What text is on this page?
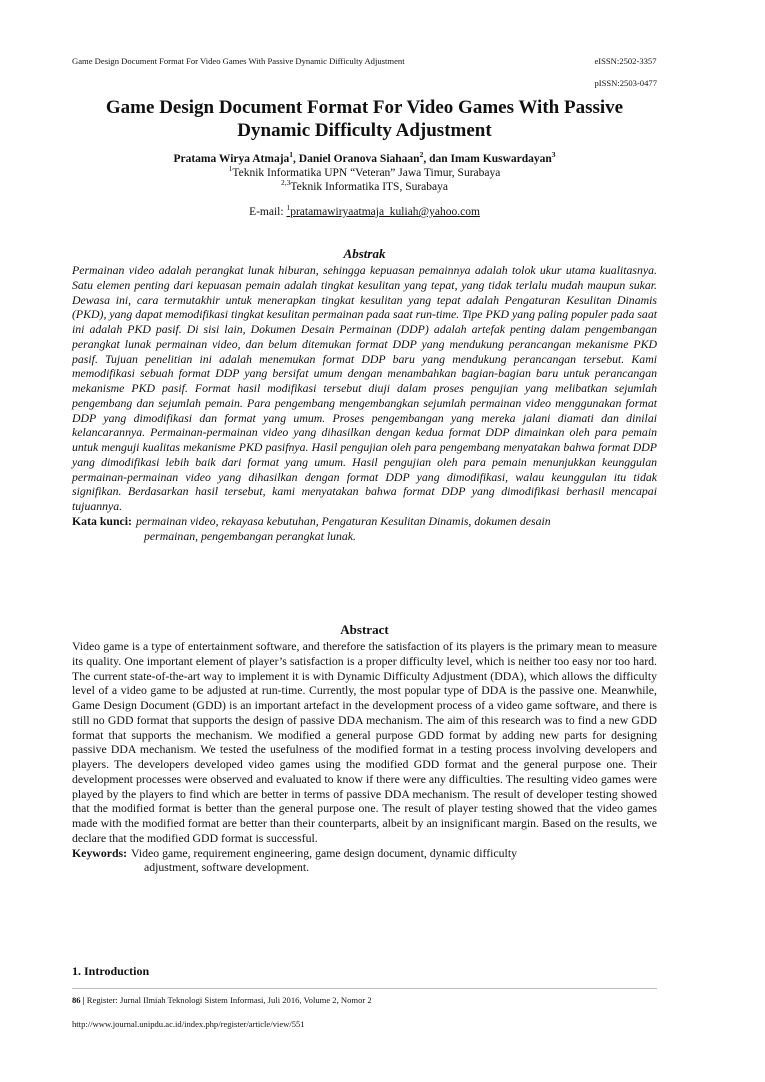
Game Design Document Format For Video Games With Passive Dynamic Difficulty Adjustment	eISSN:2502-3357
pISSN:2503-0477
Game Design Document Format For Video Games With Passive
Dynamic Difficulty Adjustment
Pratama Wirya Atmaja$^1$, Daniel Oranova Siahaan$^2$, dan Imam Kuswardayan$^3$
$^1$Teknik Informatika UPN “Veteran” Jawa Timur, Surabaya
$^{2,3}$Teknik Informatika ITS, Surabaya
E-mail: $^1$pratamawiryaatmaja_kuliah@yahoo.com
Abstrak
Permainan video adalah perangkat lunak hiburan, sehingga kepuasan pemainnya adalah tolok ukur utama kualitasnya. Satu elemen penting dari kepuasan pemain adalah tingkat kesulitan yang tepat, yang tidak terlalu mudah maupun sukar. Dewasa ini, cara termutakhir untuk menerapkan tingkat kesulitan yang tepat adalah Pengaturan Kesulitan Dinamis (PKD), yang dapat memodifikasi tingkat kesulitan permainan pada saat run-time. Tipe PKD yang paling populer pada saat ini adalah PKD pasif. Di sisi lain, Dokumen Desain Permainan (DDP) adalah artefak penting dalam pengembangan perangkat lunak permainan video, dan belum ditemukan format DDP yang mendukung perancangan mekanisme PKD pasif. Tujuan penelitian ini adalah menemukan format DDP baru yang mendukung perancangan tersebut. Kami memodifikasi sebuah format DDP yang bersifat umum dengan menambahkan bagian-bagian baru untuk perancangan mekanisme PKD pasif. Format hasil modifikasi tersebut diuji dalam proses pengujian yang melibatkan sejumlah pengembang dan sejumlah pemain. Para pengembang mengembangkan sejumlah permainan video menggunakan format DDP yang dimodifikasi dan format yang umum. Proses pengembangan yang mereka jalani diamati dan dinilai kelancarannya. Permainan-permainan video yang dihasilkan dengan kedua format DDP dimainkan oleh para pemain untuk menguji kualitas mekanisme PKD pasifnya. Hasil pengujian oleh para pengembang menyatakan bahwa format DDP yang dimodifikasi lebih baik dari format yang umum. Hasil pengujian oleh para pemain menunjukkan keunggulan permainan-permainan video yang dihasilkan dengan format DDP yang dimodifikasi, walau keunggulan itu tidak signifikan. Berdasarkan hasil tersebut, kami menyatakan bahwa format DDP yang dimodifikasi berhasil mencapai tujuannya.
Kata kunci: permainan video, rekayasa kebutuhan, Pengaturan Kesulitan Dinamis, dokumen desain
permainan, pengembangan perangkat lunak.
Abstract
Video game is a type of entertainment software, and therefore the satisfaction of its players is the primary mean to measure its quality. One important element of player’s satisfaction is a proper difficulty level, which is neither too easy nor too hard. The current state-of-the-art way to implement it is with Dynamic Difficulty Adjustment (DDA), which allows the difficulty level of a video game to be adjusted at run-time. Currently, the most popular type of DDA is the passive one. Meanwhile, Game Design Document (GDD) is an important artefact in the development process of a video game software, and there is still no GDD format that supports the design of passive DDA mechanism. The aim of this research was to find a new GDD format that supports the mechanism. We modified a general purpose GDD format by adding new parts for designing passive DDA mechanism. We tested the usefulness of the modified format in a testing process involving developers and players. The developers developed video games using the modified GDD format and the general purpose one. Their development processes were observed and evaluated to know if there were any difficulties. The resulting video games were played by the players to find which are better in terms of passive DDA mechanism. The result of developer testing showed that the modified format is better than the general purpose one. The result of player testing showed that the video games made with the modified format are better than their counterparts, albeit by an insignificant margin. Based on the results, we declare that the modified GDD format is successful.
Keywords: Video game, requirement engineering, game design document, dynamic difficulty
adjustment, software development.
1. Introduction
86 | Register: Jurnal Ilmiah Teknologi Sistem Informasi, Juli 2016, Volume 2, Nomor 2
http://www.journal.unipdu.ac.id/index.php/register/article/view/551
